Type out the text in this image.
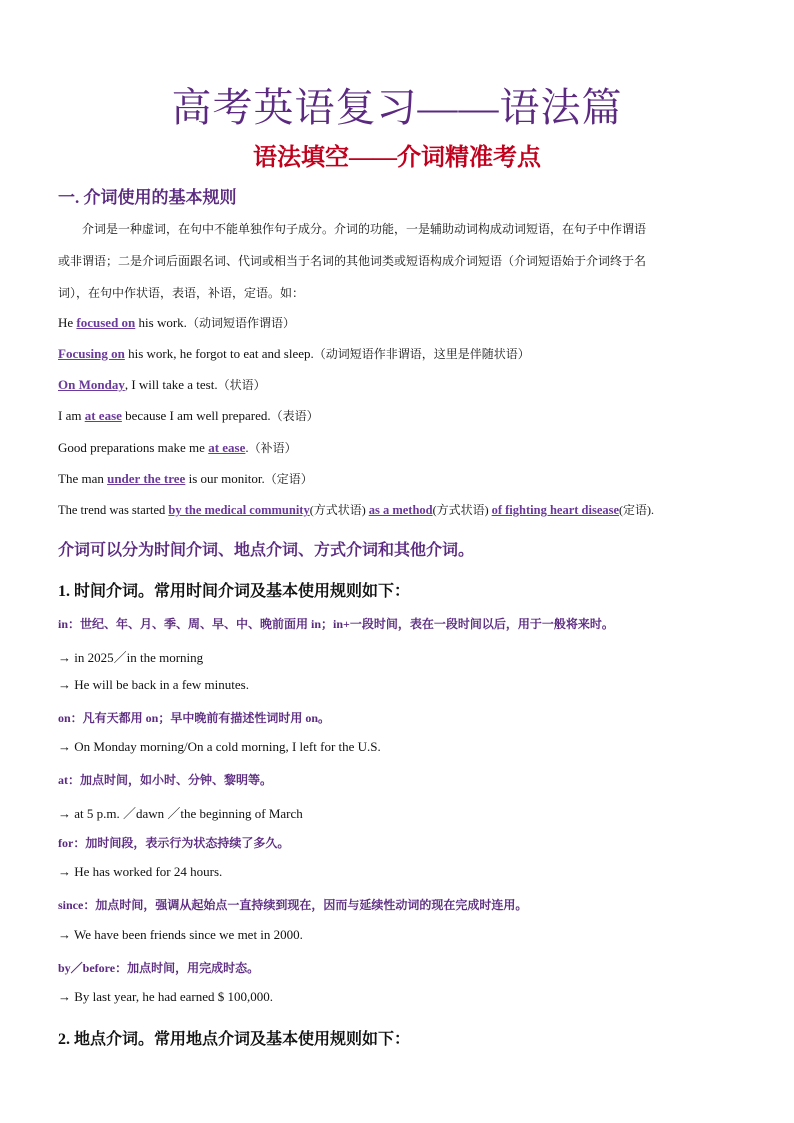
高考英语复习——语法篇
语法填空——介词精准考点
一. 介词使用的基本规则
介词是一种虚词，在句中不能单独作句子成分。介词的功能，一是辅助动词构成动词短语，在句子中作谓语
或非谓语；二是介词后面跟名词、代词或相当于名词的其他词类或短语构成介词短语（介词短语始于介词终于名
词），在句中作状语，表语，补语，定语。如：
He focused on his work.（动词短语作谓语）
Focusing on his work, he forgot to eat and sleep.（动词短语作非谓语，这里是伴随状语）
On Monday, I will take a test.（状语）
I am at ease because I am well prepared.（表语）
Good preparations make me at ease.（补语）
The man under the tree is our monitor.（定语）
The trend was started by the medical community(方式状语) as a method(方式状语) of fighting heart disease(定语).
介词可以分为时间介词、地点介词、方式介词和其他介词。
1. 时间介词。常用时间介词及基本使用规则如下：
in：世纪、年、月、季、周、早、中、晚前面用 in；in+一段时间，表在一段时间以后，用于一般将来时。
→ in 2025／in the morning
→ He will be back in a few minutes.
on：凡有天都用 on；早中晚前有描述性词时用 on。
→ On Monday morning/On a cold morning, I left for the U.S.
at：加点时间，如小时、分钟、黎明等。
→ at 5 p.m. ／dawn ／the beginning of March
for：加时间段，表示行为状态持续了多久。
→ He has worked for 24 hours.
since：加点时间，强调从起始点一直持续到现在，因而与延续性动词的现在完成时连用。
→ We have been friends since we met in 2000.
by／before：加点时间，用完成时态。
→ By last year, he had earned $ 100,000.
2. 地点介词。常用地点介词及基本使用规则如下：
